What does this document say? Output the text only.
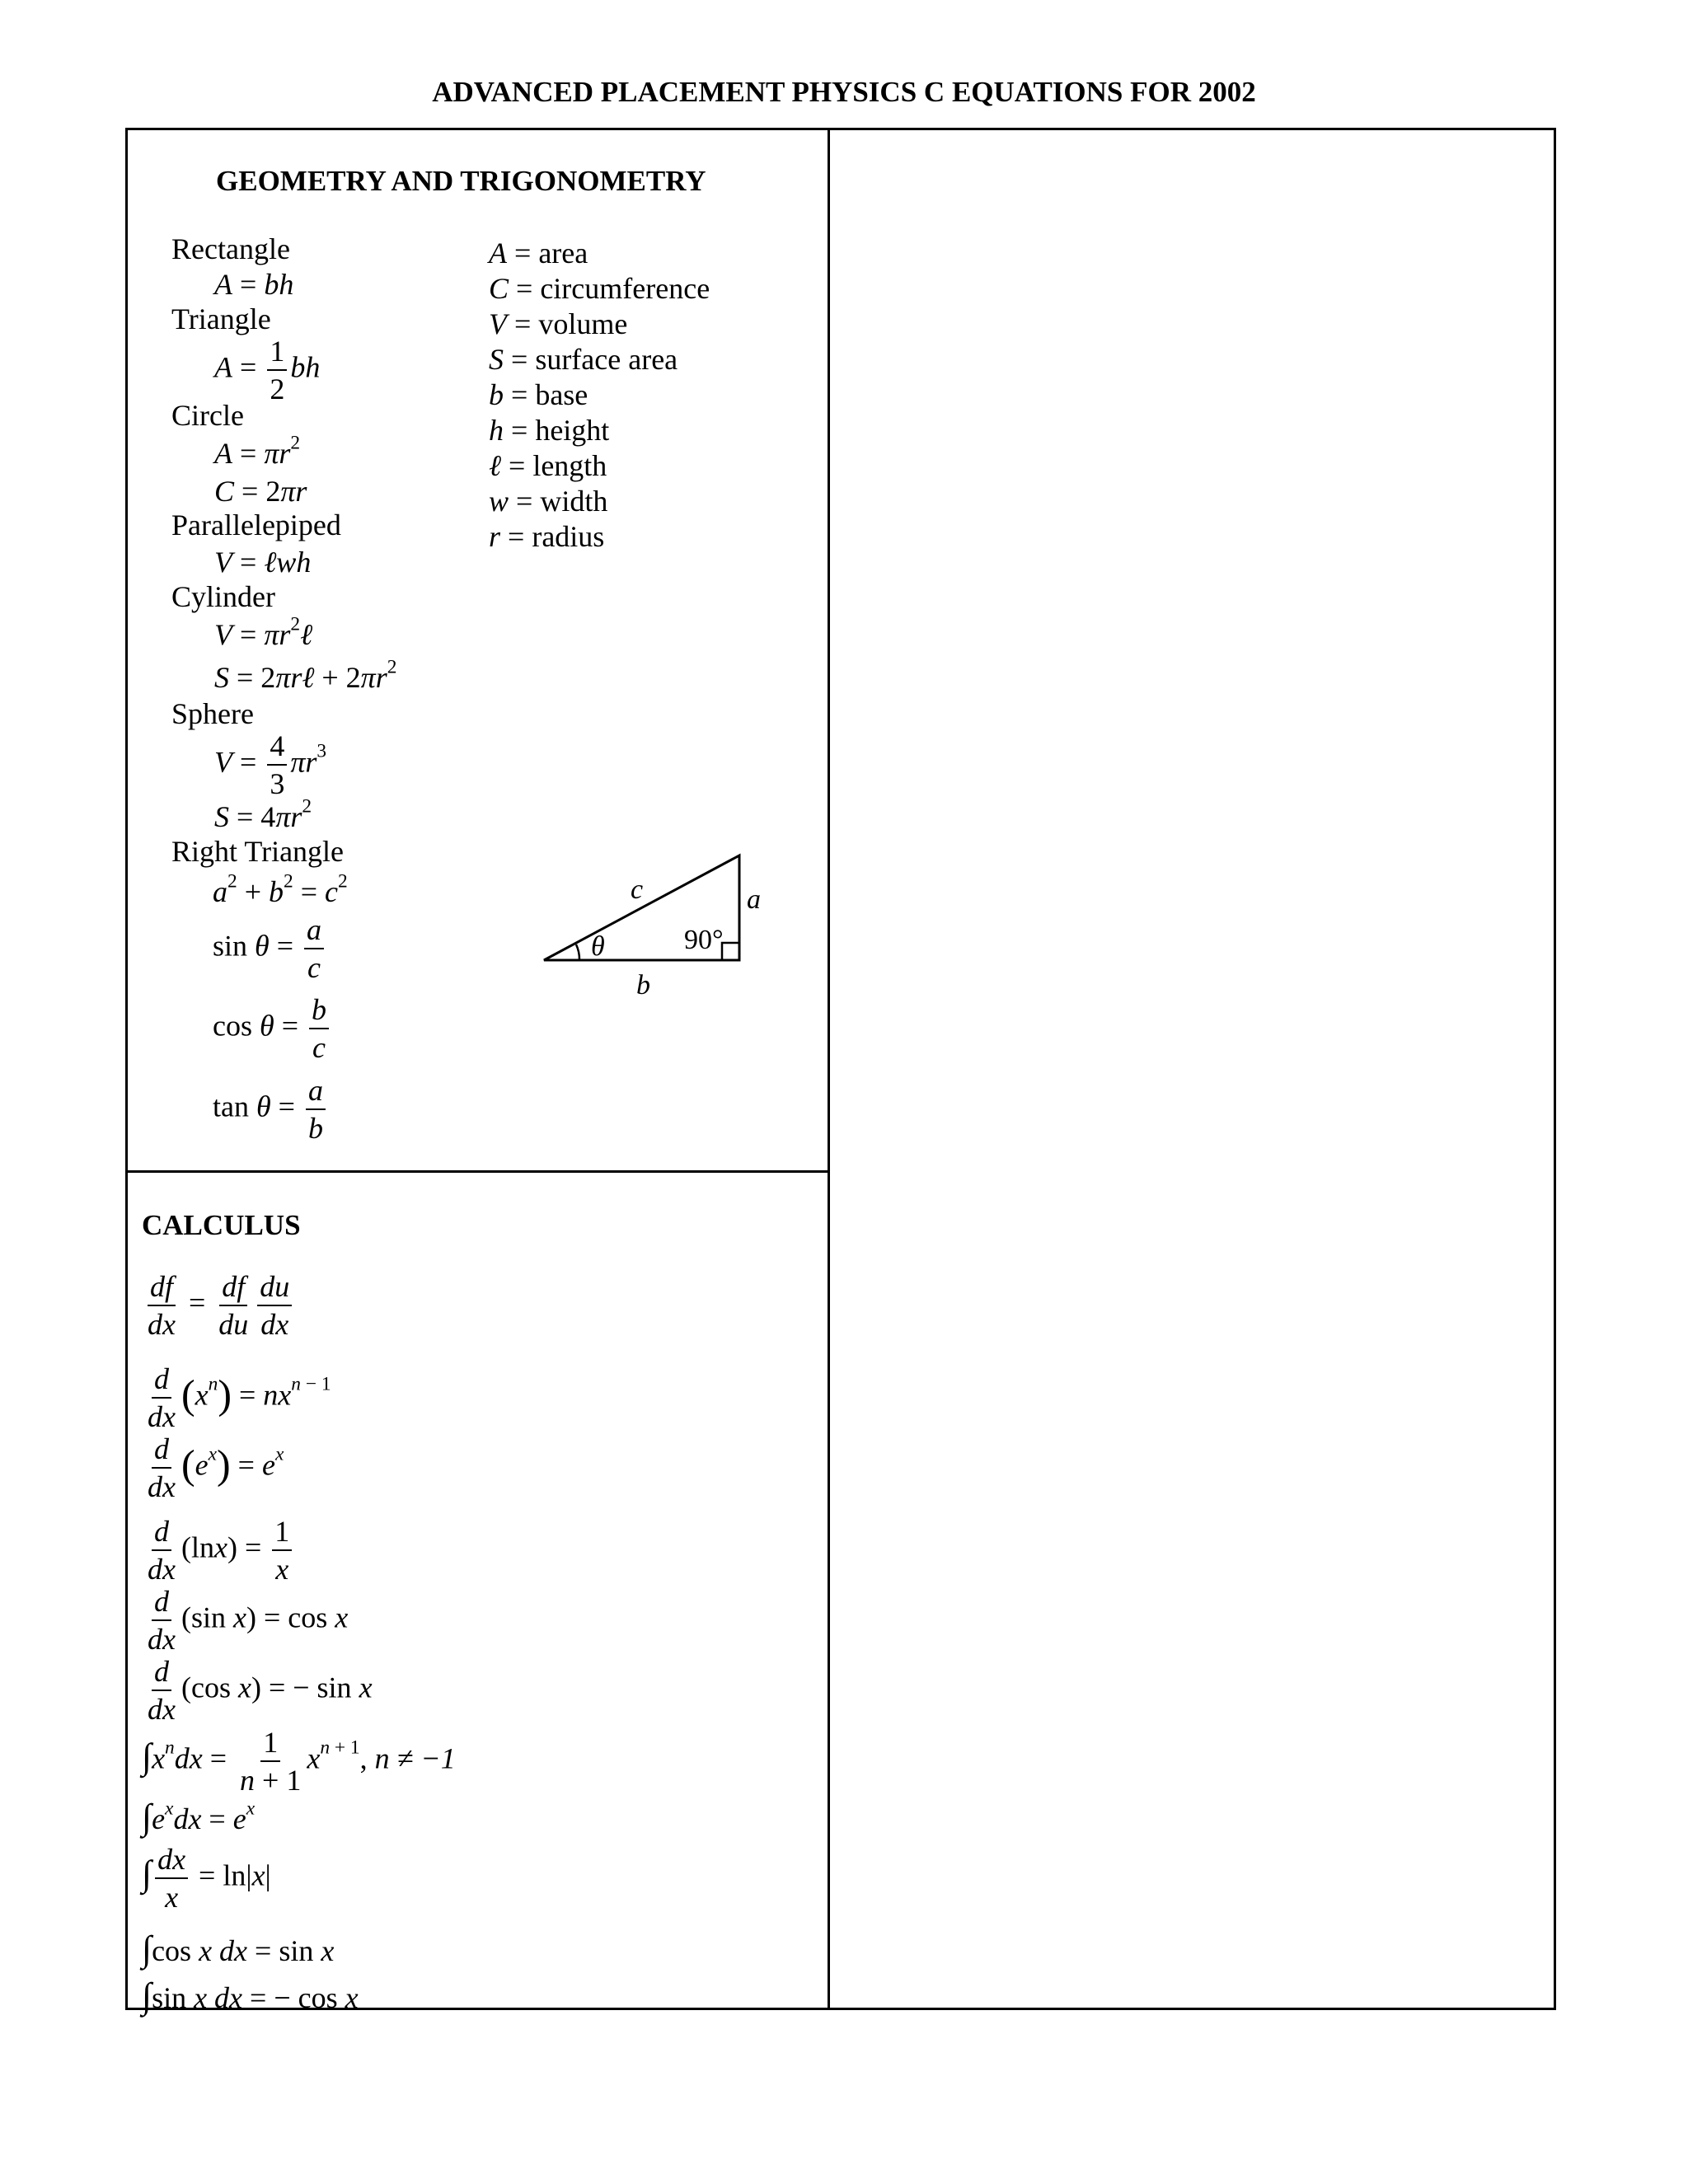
ADVANCED PLACEMENT PHYSICS C EQUATIONS FOR 2002
GEOMETRY AND TRIGONOMETRY
Rectangle
A = bh
Triangle
$A = \frac{1}{2}$ bh
Circle
$A = \pi r^2$
C = 2πr
Parallelepiped
V = ℓwh
Cylinder
$V = \pi r^2\ell$
S = 2πrℓ + $2\pi r^2$
Sphere
$V = \frac{4}{3} \pi r^3$
$S = 4\pi r^2$
Right Triangle
$a^2 + b^2 = c^2$
$\sin \theta = \frac{a}{c}$
$\cos \theta = \frac{b}{c}$
$\tan \theta = \frac{a}{b}$
A = area
C = circumference
V = volume
S = surface area
b = base
h = height
ℓ = length
w = width
r = radius
c	a
b
θ	90°
CALCULUS
$\frac{df}{dx} = \frac{df}{du} \frac{du}{dx}$
$\frac{d}{dx} (x^n) = nx^{n - 1}$
$\frac{d}{dx} (e^x) = e^x$
$\frac{d}{dx} (\ln x) = \frac{1}{x}$
$\frac{d}{dx} (\sin$ x) = cos x
$\frac{d}{dx} (\cos$ x) = − sin x
$\int x^ndx = \frac{1}{n + 1} x^{n + 1}$, n ≠ −1
$\int e^xdx = e^x$
∫ $\frac{dx}{x} = \ln|x|$
∫cos x dx = sin x
∫sin x dx = − cos x
